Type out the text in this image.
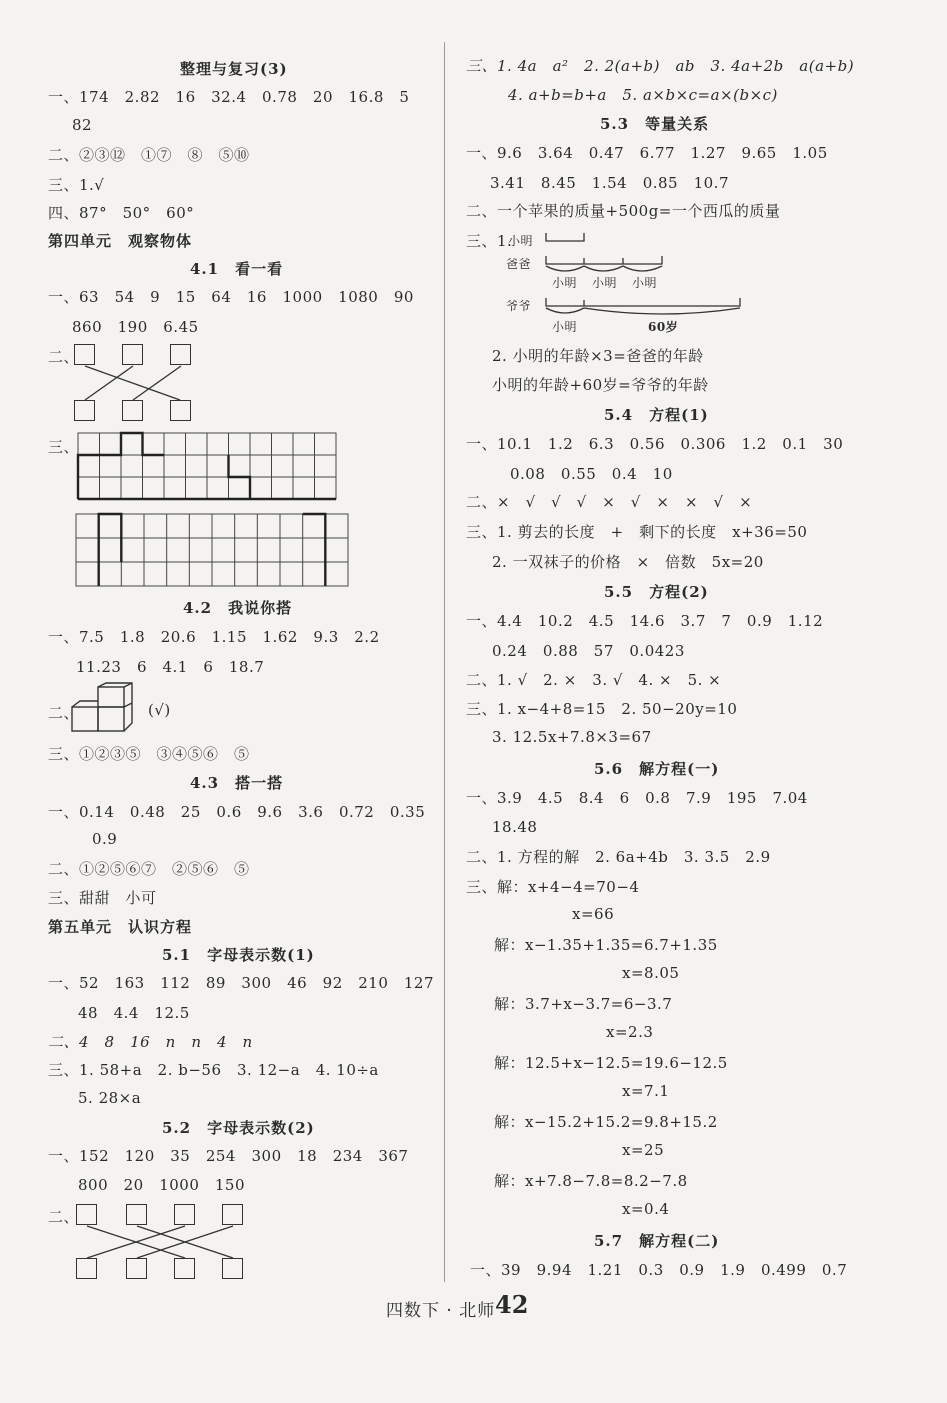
整理与复习(3)
一、174　2.82　16　32.4　0.78　20　16.8　5
82
二、②③⑫　①⑦　⑧　⑤⑩
三、1.√
四、87°　50°　60°
第四单元　观察物体
4.1　看一看
一、63　54　9　15　64　16　1000　1080　90
860　190　6.45
二、
三、
4.2　我说你搭
一、7.5　1.8　20.6　1.15　1.62　9.3　2.2
11.23　6　4.1　6　18.7
二、	(√)
三、①②③⑤　③④⑤⑥　⑤
4.3　搭一搭
一、0.14　0.48　25　0.6　9.6　3.6　0.72　0.35
0.9
二、①②⑤⑥⑦　②⑤⑥　⑤
三、甜甜　小可
第五单元　认识方程
5.1　字母表示数(1)
一、52　163　112　89　300　46　92　210　127
48　4.4　12.5
二、4　8　16　n　n　4　n
三、1. 58+a　2. b−56　3. 12−a　4. 10÷a
5. 28×a
5.2　字母表示数(2)
一、152　120　35　254　300　18　234　367
800　20　1000　150
二、
三、1. 4a　a²　2. 2(a+b)　ab　3. 4a+2b　a(a+b)
4. a+b=b+a　5. a×b×c=a×(b×c)
5.3　等量关系
一、9.6　3.64　0.47　6.77　1.27　9.65　1.05
3.41　8.45　1.54　0.85　10.7
二、一个苹果的质量+500g=一个西瓜的质量
三、1.
小明
爸爸
小明 小明 小明
爷爷
小明	60岁
2. 小明的年龄×3=爸爸的年龄
小明的年龄+60岁=爷爷的年龄
5.4　方程(1)
一、10.1　1.2　6.3　0.56　0.306　1.2　0.1　30
0.08　0.55　0.4　10
二、×　√　√　√　×　√　×　×　√　×
三、1. 剪去的长度　+　剩下的长度　x+36=50
2. 一双袜子的价格　×　倍数　5x=20
5.5　方程(2)
一、4.4　10.2　4.5　14.6　3.7　7　0.9　1.12
0.24　0.88　57　0.0423
二、1. √　2. ×　3. √　4. ×　5. ×
三、1. x−4+8=15　2. 50−20y=10
3. 12.5x+7.8×3=67
5.6　解方程(一)
一、3.9　4.5　8.4　6　0.8　7.9　195　7.04
18.48
二、1. 方程的解　2. 6a+4b　3. 3.5　2.9
三、解：x+4−4=70−4
x=66
解：x−1.35+1.35=6.7+1.35
x=8.05
解：3.7+x−3.7=6−3.7
x=2.3
解：12.5+x−12.5=19.6−12.5
x=7.1
解：x−15.2+15.2=9.8+15.2
x=25
解：x+7.8−7.8=8.2−7.8
x=0.4
5.7　解方程(二)
一、39　9.94　1.21　0.3　0.9　1.9　0.499　0.7
四数下 · 北师 42
